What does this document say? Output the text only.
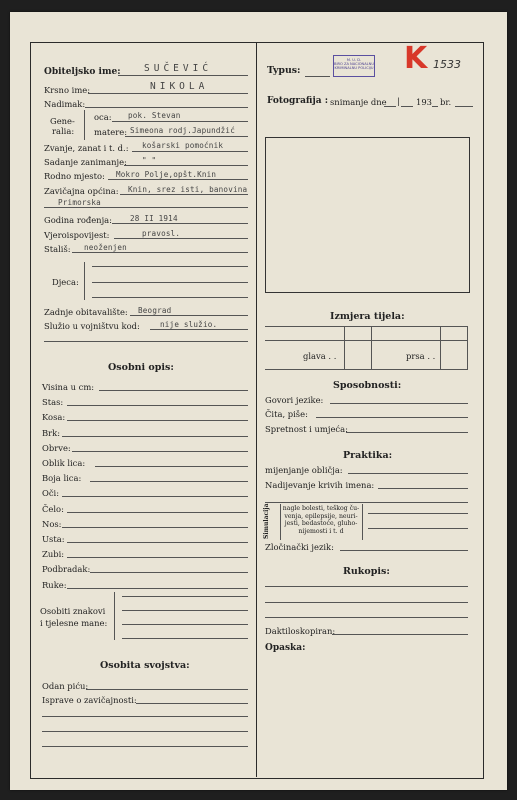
Typus:
M. U. D.
BIRO ZA NACIONALNU
KRIMINALNU POLICIJU K 1533
Fotografija : snimanje dne | 193 br.
Obiteljsko ime: SUČEVIĆ
Krsno ime:	NIKOLA
Nadimak:
Gene-
ralia:
oca: pok. Stevan
matere: Simeona rodj.Japundžić
Zvanje, zanat i t. d.: košarski pomoćnik
Sadanje zanimanje: " "
Rodno mjesto: Mokro Polje,opšt.Knin
Zavičajna općina: Knin, srez isti, banovina
Primorska
Godina rođenja: 28 II 1914
Vjeroispovijest:	pravosl.
Stališ: neoženjen
Djeca:
Zadnje obitavalište: Beograd
Služio u vojništvu kod:	nije služio.
Osobni opis:
Visina u cm:
Stas:
Kosa:
Brk:
Obrve:
Oblik lica:
Boja lica:
Oči:
Čelo:
Nos:
Usta:
Zubi:
Podbradak:
Ruke:
Osobiti znakovi
i tjelesne mane:
Osobita svojstva:
Odan piću:
Isprave o zavičajnosti:
Izmjera tijela:
glava . .	prsa . .
Sposobnosti:
Govori jezike:
Čita, piše:
Spretnost i umjeća:
Praktika:
mijenjanje obličja:
Nadijevanje krivih imena:
Simulacija	nagle bolesti, teškog ču-
venja, epilepsije, neuri-
jesti, bedastoće, gluho-
nijemosti i t. d
Zločinački jezik:
Rukopis:
Daktiloskopiran:
Opaska:
